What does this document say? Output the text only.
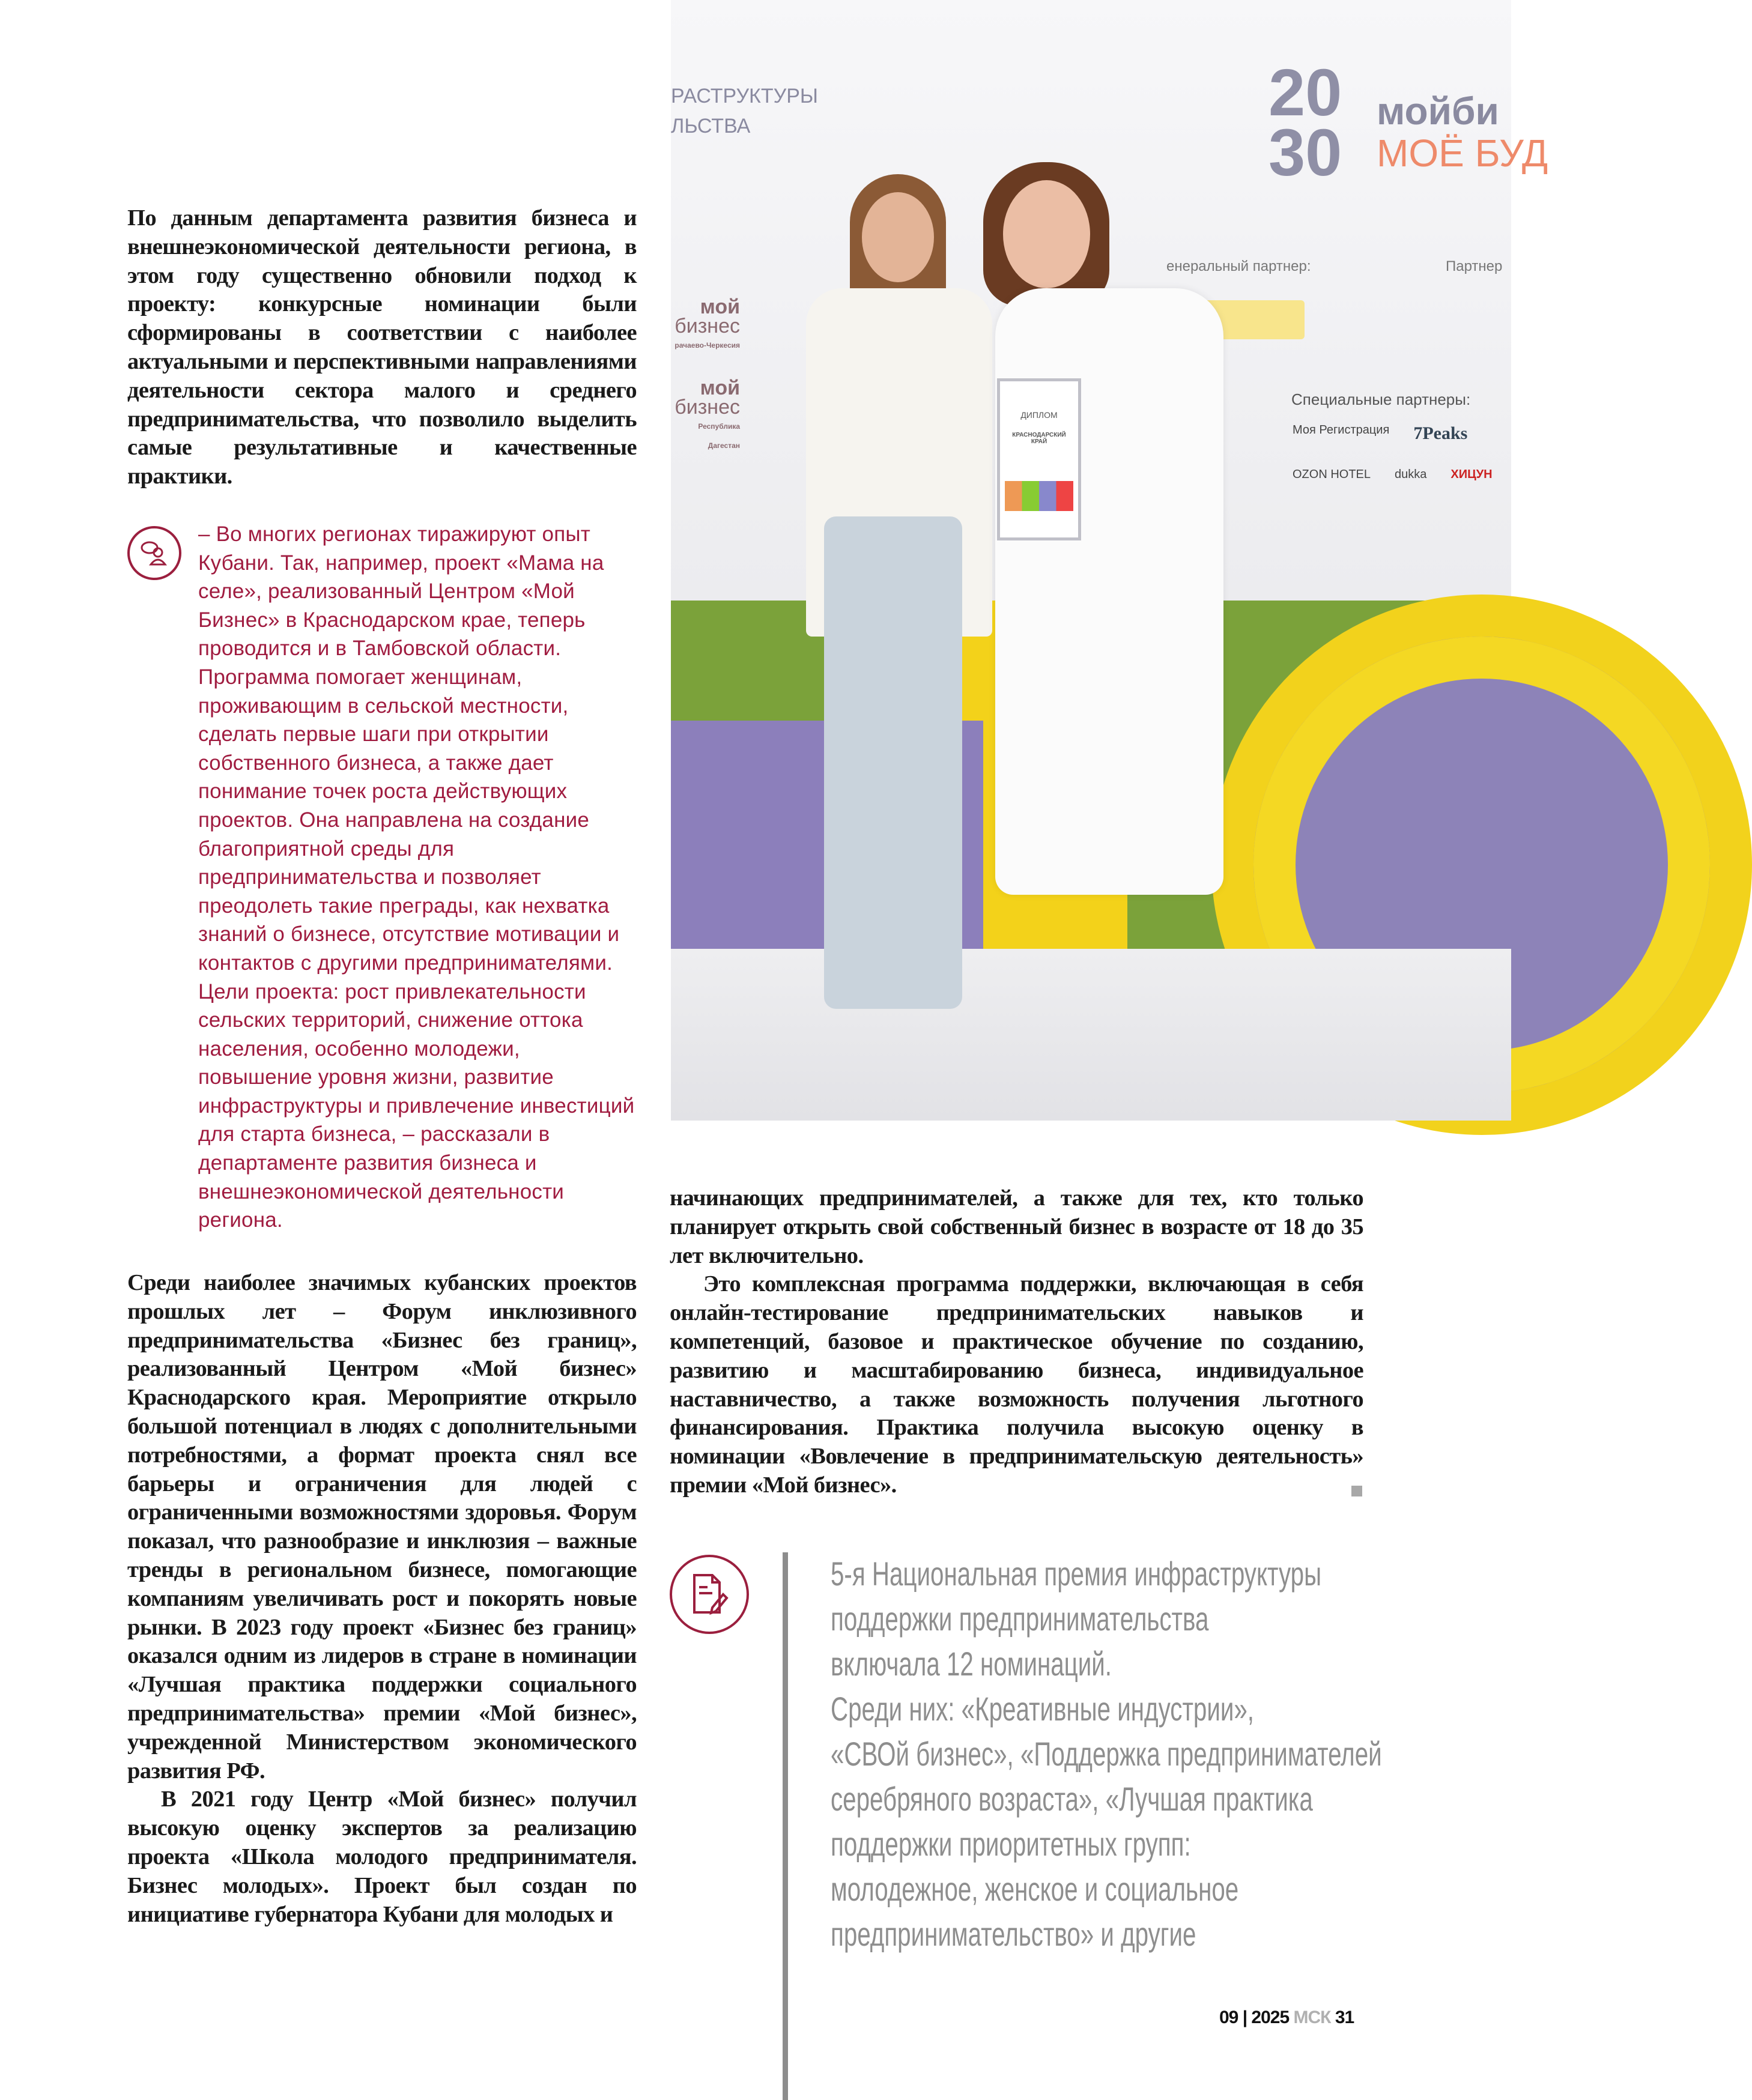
По данным департамента развития бизнеса и внешнеэкономической деятельности региона, в этом году существенно обновили подход к проекту: конкурсные номинации были сформированы в соответствии с наиболее актуальными и перспективными направлениями деятельности сектора малого и среднего предпринимательства, что позволило выделить самые результативные и качественные практики.

– Во многих регионах тиражируют опыт Кубани. Так, например, проект «Мама на селе», реализованный Центром «Мой Бизнес» в Краснодарском крае, теперь проводится и в Тамбовской области. Программа помогает женщинам, проживающим в сельской местности, сделать первые шаги при открытии собственного бизнеса, а также дает понимание точек роста действующих проектов. Она направлена на создание благоприятной среды для предпринимательства и позволяет преодолеть такие преграды, как нехватка знаний о бизнесе, отсутствие мотивации и контактов с другими предпринимателями. Цели проекта: рост привлекательности сельских территорий, снижение оттока населения, особенно молодежи, повышение уровня жизни, развитие инфраструктуры и привлечение инвестиций для старта бизнеса, – рассказали в департаменте развития бизнеса и внешнеэкономической деятельности региона.

Среди наиболее значимых кубанских проектов прошлых лет – Форум инклюзивного предпринимательства «Бизнес без границ», реализованный Центром «Мой бизнес» Краснодарского края. Мероприятие открыло большой потенциал в людях с дополнительными потребностями, а формат проекта снял все барьеры и ограничения для людей с ограниченными возможностями здоровья. Форум показал, что разнообразие и инклюзия – важные тренды в региональном бизнесе, помогающие компаниям увеличивать рост и покорять новые рынки. В 2023 году проект «Бизнес без границ» оказался одним из лидеров в стране в номинации «Лучшая практика поддержки социального предпринимательства» премии «Мой бизнес», учрежденной Министерством экономического развития РФ.

В 2021 году Центр «Мой бизнес» получил высокую оценку экспертов за реализацию проекта «Школа молодого предпринимателя. Бизнес молодых». Проект был создан по инициативе губернатора Кубани для молодых и

РАСТРУКТУРЫ
ЛЬСТВА	20
30
мойби
МОЁ БУД
енеральный партнер:	Партнер
Специальные партнеры:
мой
бизнес
рачаево-Черкесия
мой
бизнес
Республика Дагестан
Моя Регистрация 7Peaks
OZON HOTEL dukka ХИЦУН
ДИПЛОМ
КРАСНОДАРСКИЙ КРАЙ

начинающих предпринимателей, а также для тех, кто только планирует открыть свой собственный бизнес в возрасте от 18 до 35 лет включительно.

Это комплексная программа поддержки, включающая в себя онлайн-тестирование предпринимательских навыков и компетенций, базовое и практическое обучение по созданию, развитию и масштабированию бизнеса, индивидуальное наставничество, а также возможность получения льготного финансирования. Практика получила высокую оценку в номинации «Вовлечение в предпринимательскую деятельность» премии «Мой бизнес».

5-я Национальная премия инфраструктуры
поддержки предпринимательства
включала 12 номинаций.
Среди них: «Креативные индустрии»,
«СВОй бизнес», «Поддержка предпринимателей
серебряного возраста», «Лучшая практика
поддержки приоритетных групп:
молодежное, женское и социальное
предпринимательство» и другие
09 | 2025 МСК 31
